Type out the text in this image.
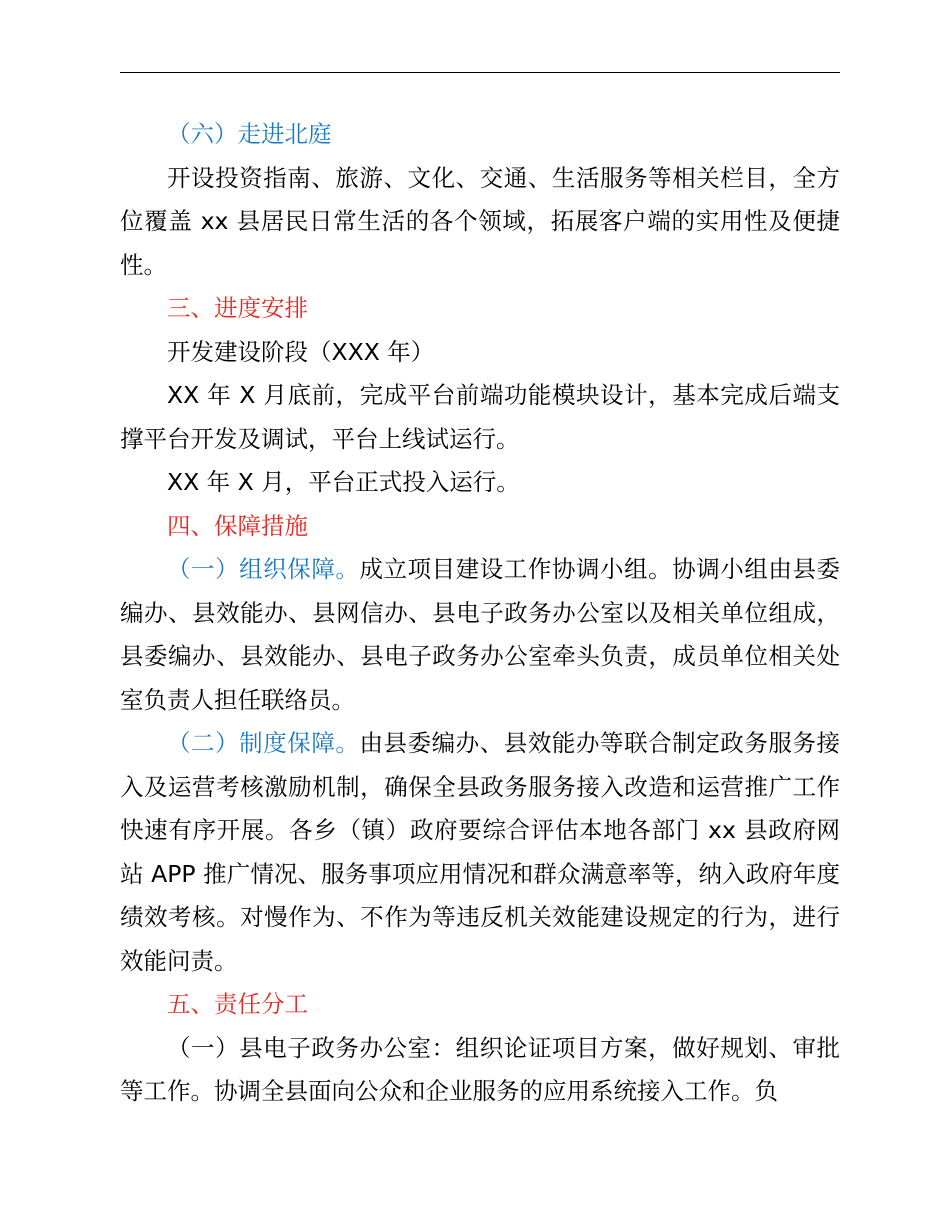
（六）走进北庭

开设投资指南、旅游、文化、交通、生活服务等相关栏目，全方位覆盖 xx 县居民日常生活的各个领域，拓展客户端的实用性及便捷性。

三、进度安排

开发建设阶段（XXX 年）

XX 年 X 月底前，完成平台前端功能模块设计，基本完成后端支撑平台开发及调试，平台上线试运行。

XX 年 X 月，平台正式投入运行。

四、保障措施

（一）组织保障。成立项目建设工作协调小组。协调小组由县委编办、县效能办、县网信办、县电子政务办公室以及相关单位组成，县委编办、县效能办、县电子政务办公室牵头负责，成员单位相关处室负责人担任联络员。

（二）制度保障。由县委编办、县效能办等联合制定政务服务接入及运营考核激励机制，确保全县政务服务接入改造和运营推广工作快速有序开展。各乡（镇）政府要综合评估本地各部门 xx 县政府网站 APP 推广情况、服务事项应用情况和群众满意率等，纳入政府年度绩效考核。对慢作为、不作为等违反机关效能建设规定的行为，进行效能问责。

五、责任分工

（一）县电子政务办公室：组织论证项目方案，做好规划、审批等工作。协调全县面向公众和企业服务的应用系统接入工作。负
